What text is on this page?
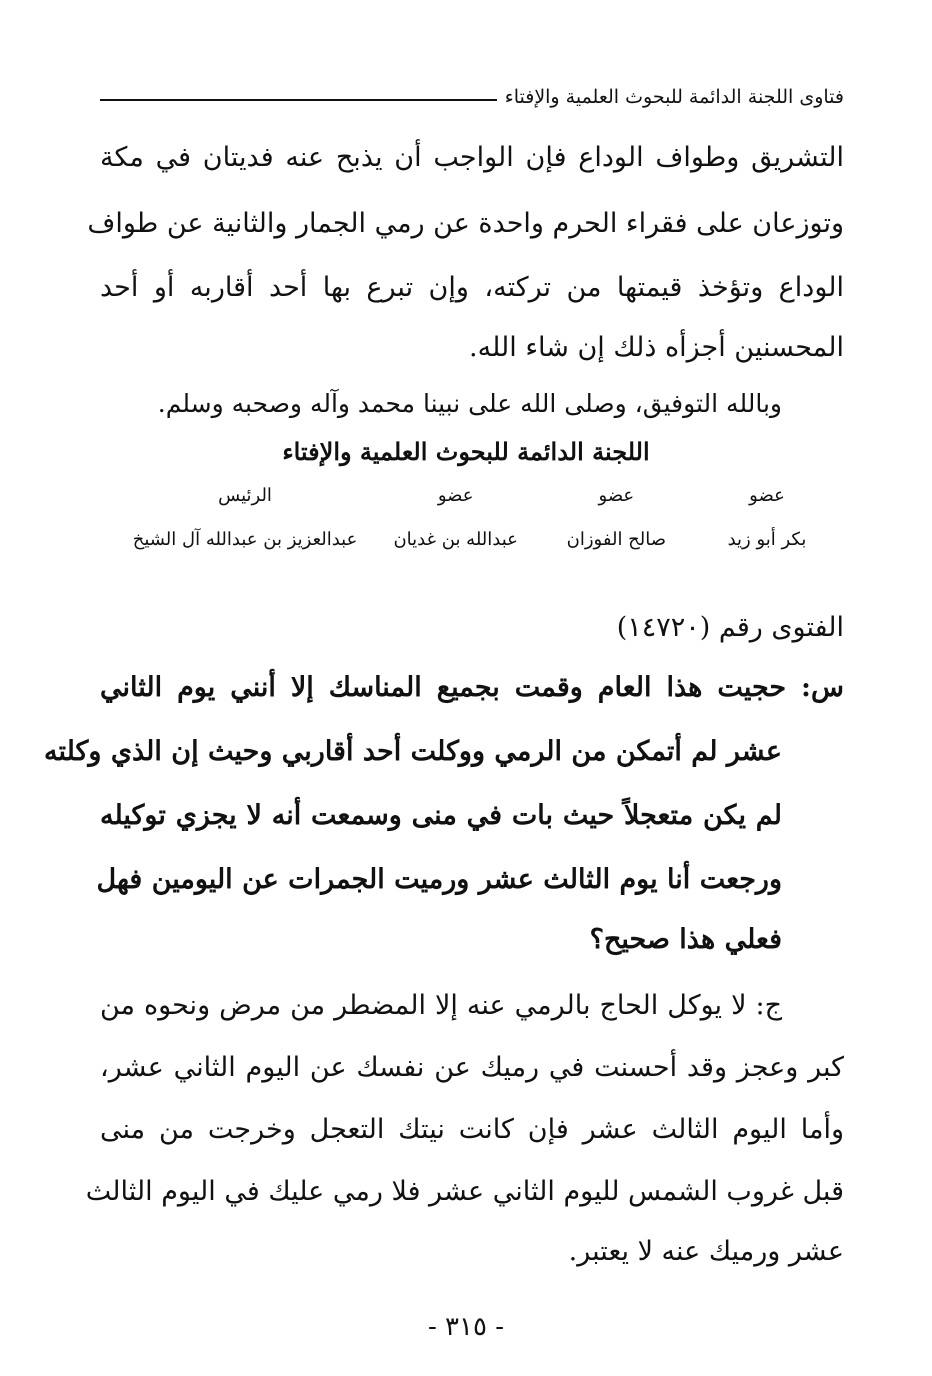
فتاوى اللجنة الدائمة للبحوث العلمية والإفتاء
التشريق وطواف الوداع فإن الواجب أن يذبح عنه فديتان في مكة
وتوزعان على فقراء الحرم واحدة عن رمي الجمار والثانية عن طواف
الوداع وتؤخذ قيمتها من تركته، وإن تبرع بها أحد أقاربه أو أحد
المحسنين أجزأه ذلك إن شاء الله.
وبالله التوفيق، وصلى الله على نبينا محمد وآله وصحبه وسلم.
اللجنة الدائمة للبحوث العلمية والإفتاء
عضو
عضو
عضو
الرئيس
بكر أبو زيد
صالح الفوزان
عبدالله بن غديان
عبدالعزيز بن عبدالله آل الشيخ
الفتوى رقم (١٤٧٢٠)
س: حجيت هذا العام وقمت بجميع المناسك إلا أنني يوم الثاني
عشر لم أتمكن من الرمي ووكلت أحد أقاربي وحيث إن الذي وكلته
لم يكن متعجلاً حيث بات في منى وسمعت أنه لا يجزي توكيله
ورجعت أنا يوم الثالث عشر ورميت الجمرات عن اليومين فهل
فعلي هذا صحيح؟
ج: لا يوكل الحاج بالرمي عنه إلا المضطر من مرض ونحوه من
كبر وعجز وقد أحسنت في رميك عن نفسك عن اليوم الثاني عشر،
وأما اليوم الثالث عشر فإن كانت نيتك التعجل وخرجت من منى
قبل غروب الشمس لليوم الثاني عشر فلا رمي عليك في اليوم الثالث
عشر ورميك عنه لا يعتبر.
- ٣١٥ -
